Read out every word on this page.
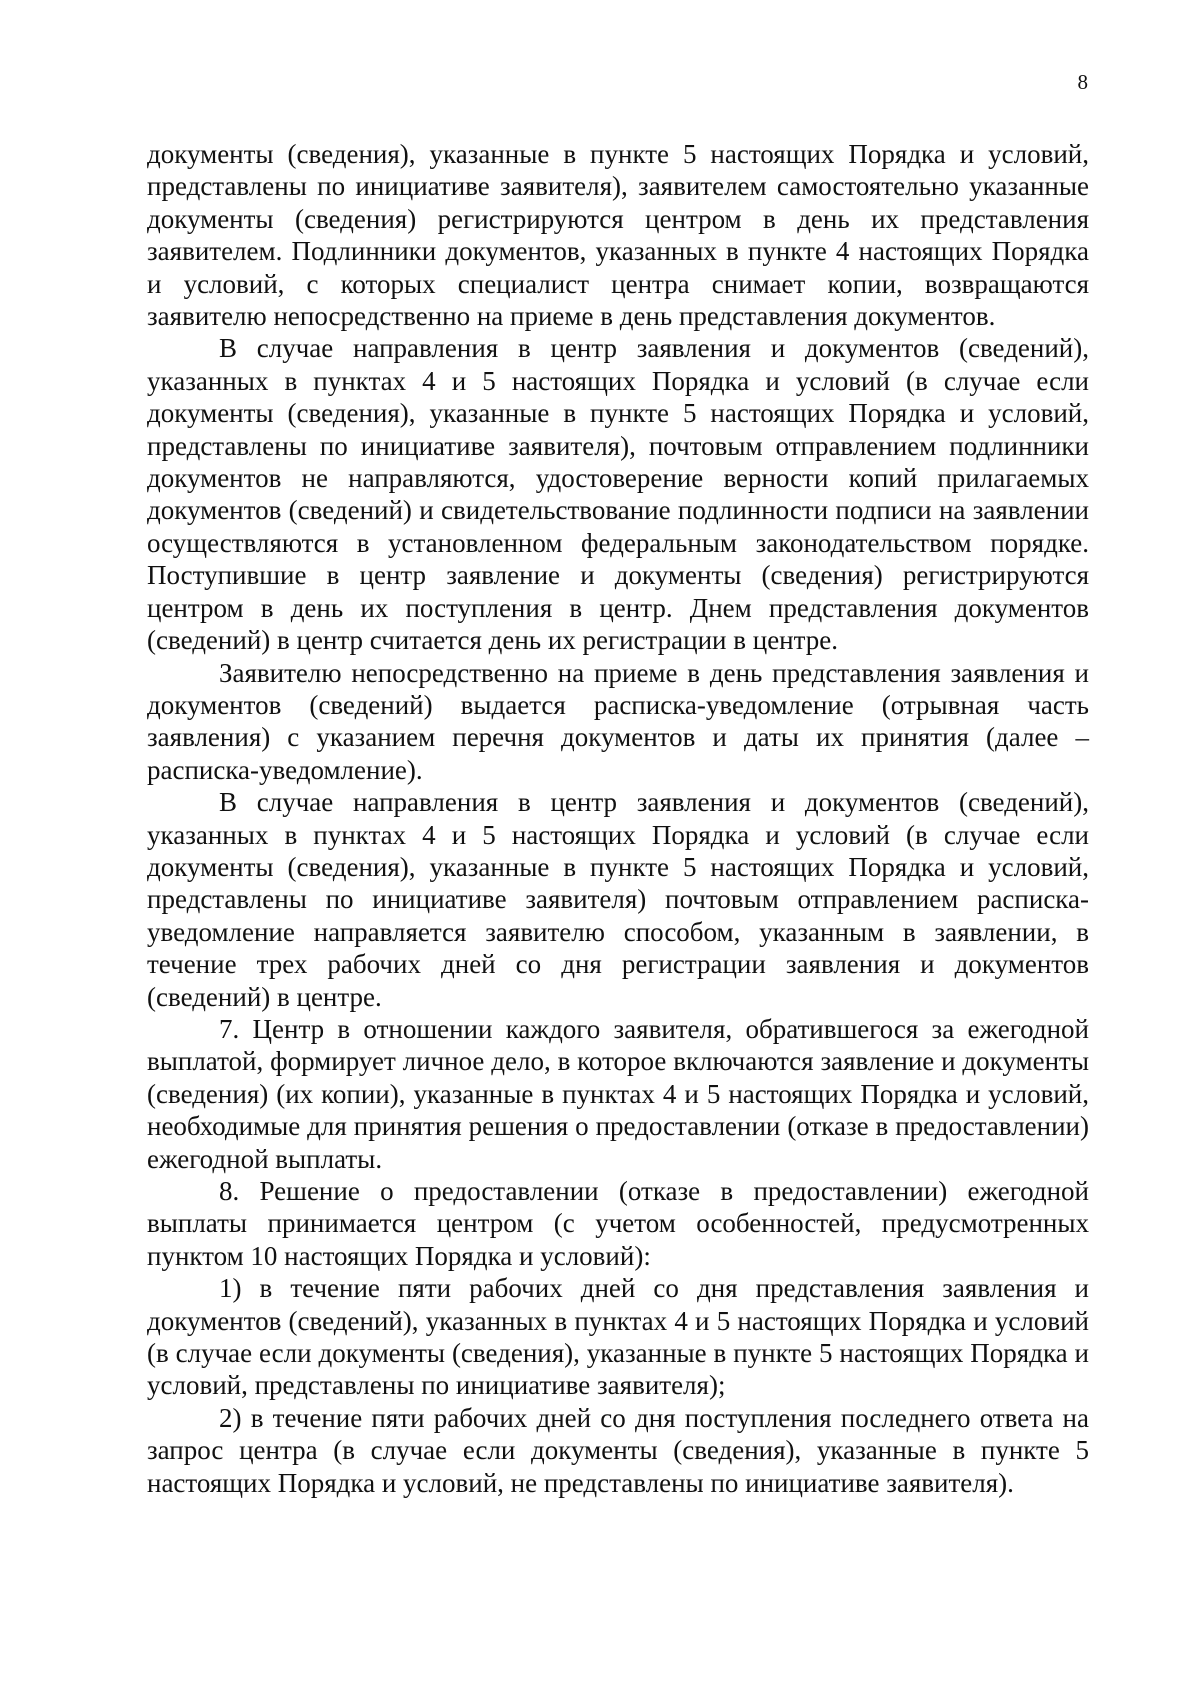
8

документы (сведения), указанные в пункте 5 настоящих Порядка и условий, представлены по инициативе заявителя), заявителем самостоятельно указанные документы (сведения) регистрируются центром в день их представления заявителем. Подлинники документов, указанных в пункте 4 настоящих Порядка и условий, с которых специалист центра снимает копии, возвращаются заявителю непосредственно на приеме в день представления документов.

В случае направления в центр заявления и документов (сведений), указанных в пунктах 4 и 5 настоящих Порядка и условий (в случае если документы (сведения), указанные в пункте 5 настоящих Порядка и условий, представлены по инициативе заявителя), почтовым отправлением подлинники документов не направляются, удостоверение верности копий прилагаемых документов (сведений) и свидетельствование подлинности подписи на заявлении осуществляются в установленном федеральным законодательством порядке. Поступившие в центр заявление и документы (сведения) регистрируются центром в день их поступления в центр. Днем представления документов (сведений) в центр считается день их регистрации в центре.

Заявителю непосредственно на приеме в день представления заявления и документов (сведений) выдается расписка-уведомление (отрывная часть заявления) с указанием перечня документов и даты их принятия (далее – расписка-уведомление).

В случае направления в центр заявления и документов (сведений), указанных в пунктах 4 и 5 настоящих Порядка и условий (в случае если документы (сведения), указанные в пункте 5 настоящих Порядка и условий, представлены по инициативе заявителя) почтовым отправлением расписка-уведомление направляется заявителю способом, указанным в заявлении, в течение трех рабочих дней со дня регистрации заявления и документов (сведений) в центре.

7. Центр в отношении каждого заявителя, обратившегося за ежегодной выплатой, формирует личное дело, в которое включаются заявление и документы (сведения) (их копии), указанные в пунктах 4 и 5 настоящих Порядка и условий, необходимые для принятия решения о предоставлении (отказе в предоставлении) ежегодной выплаты.

8. Решение о предоставлении (отказе в предоставлении) ежегодной выплаты принимается центром (с учетом особенностей, предусмотренных пунктом 10 настоящих Порядка и условий):

1) в течение пяти рабочих дней со дня представления заявления и документов (сведений), указанных в пунктах 4 и 5 настоящих Порядка и условий (в случае если документы (сведения), указанные в пункте 5 настоящих Порядка и условий, представлены по инициативе заявителя);

2) в течение пяти рабочих дней со дня поступления последнего ответа на запрос центра (в случае если документы (сведения), указанные в пункте 5 настоящих Порядка и условий, не представлены по инициативе заявителя).
